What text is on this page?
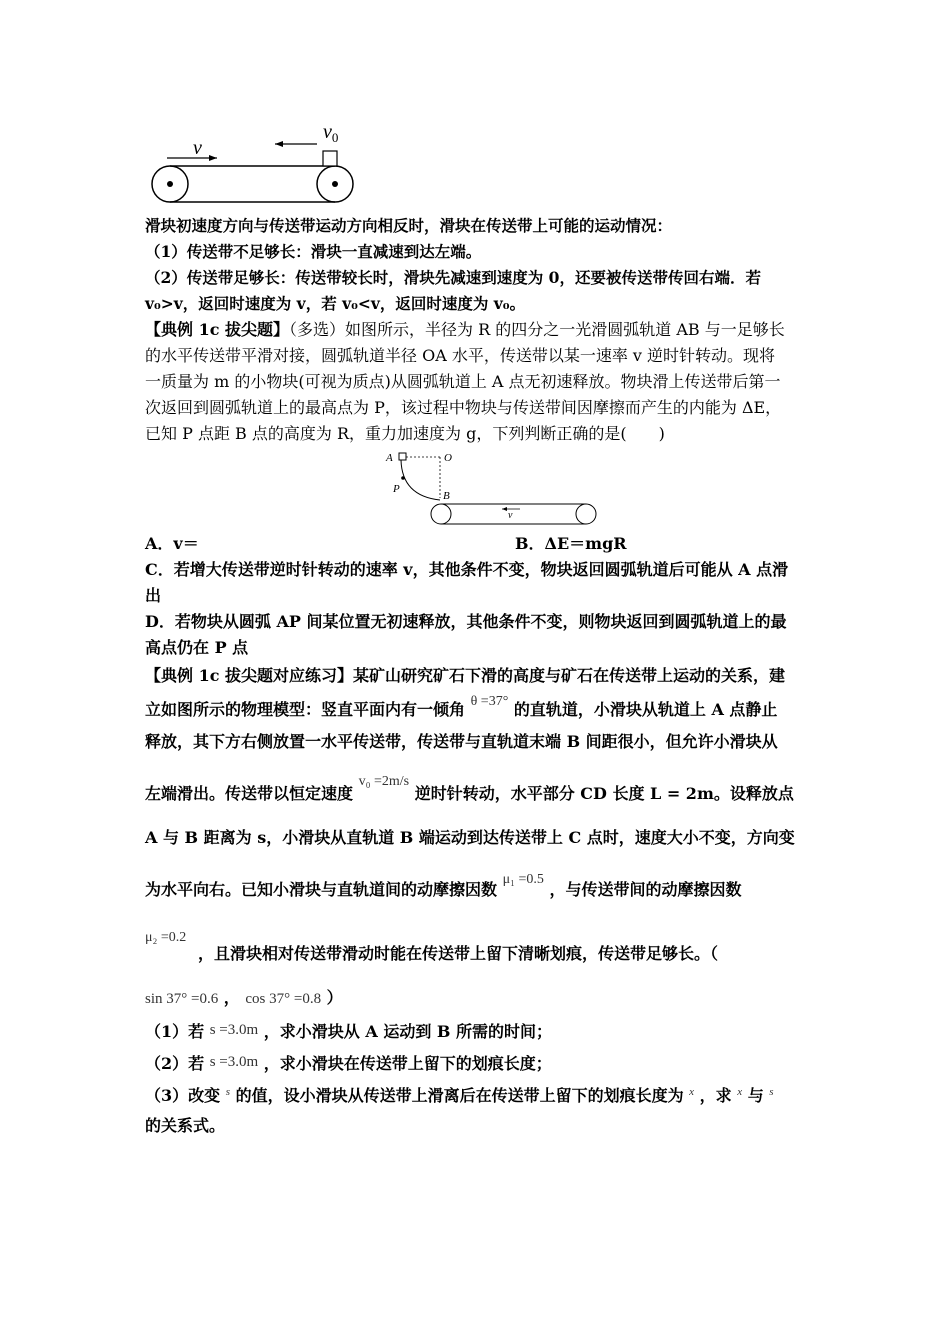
v
$v_0$
滑块初速度方向与传送带运动方向相反时，滑块在传送带上可能的运动情况：
（1）传送带不足够长：滑块一直减速到达左端。
（2）传送带足够长：传送带较长时，滑块先减速到速度为 0，还要被传送带传回右端．若
v₀>v，返回时速度为 v，若 v₀<v，返回时速度为 v₀。
【典例 1c 拔尖题】（多选）如图所示，半径为 R 的四分之一光滑圆弧轨道 AB 与一足够长
的水平传送带平滑对接，圆弧轨道半径 OA 水平，传送带以某一速率 v 逆时针转动。现将
一质量为 m 的小物块(可视为质点)从圆弧轨道上 A 点无初速释放。物块滑上传送带后第一
次返回到圆弧轨道上的最高点为 P，该过程中物块与传送带间因摩擦而产生的内能为 ΔE，
已知 P 点距 B 点的高度为 R，重力加速度为 g，下列判断正确的是(　　)
A	O
P
B
v
A．v＝	B．ΔE＝mgR
C．若增大传送带逆时针转动的速率 v，其他条件不变，物块返回圆弧轨道后可能从 A 点滑
出
D．若物块从圆弧 AP 间某位置无初速释放，其他条件不变，则物块返回到圆弧轨道上的最
高点仍在 P 点
【典例 1c 拔尖题对应练习】某矿山研究矿石下滑的高度与矿石在传送带上运动的关系，建
立如图所示的物理模型：竖直平面内有一倾角 θ =37° 的直轨道，小滑块从轨道上 A 点静止
释放，其下方右侧放置一水平传送带，传送带与直轨道末端 B 间距很小，但允许小滑块从
左端滑出。传送带以恒定速度 v₀ =2m/s 逆时针转动，水平部分 CD 长度 L = 2m。设释放点
A 与 B 距离为 s，小滑块从直轨道 B 端运动到达传送带上 C 点时，速度大小不变，方向变
为水平向右。已知小滑块与直轨道间的动摩擦因数 μ₁ =0.5 ，与传送带间的动摩擦因数
μ₂ =0.2
，且滑块相对传送带滑动时能在传送带上留下清晰划痕，传送带足够长。（
sin 37° =0.6 ， cos 37° =0.8 ）
（1）若 s =3.0m ，求小滑块从 A 运动到 B 所需的时间；
（2）若 s =3.0m ，求小滑块在传送带上留下的划痕长度；
（3）改变 $^s$ 的值，设小滑块从传送带上滑离后在传送带上留下的划痕长度为 $^x$ ，求 $^x$ 与 $^s$
的关系式。
